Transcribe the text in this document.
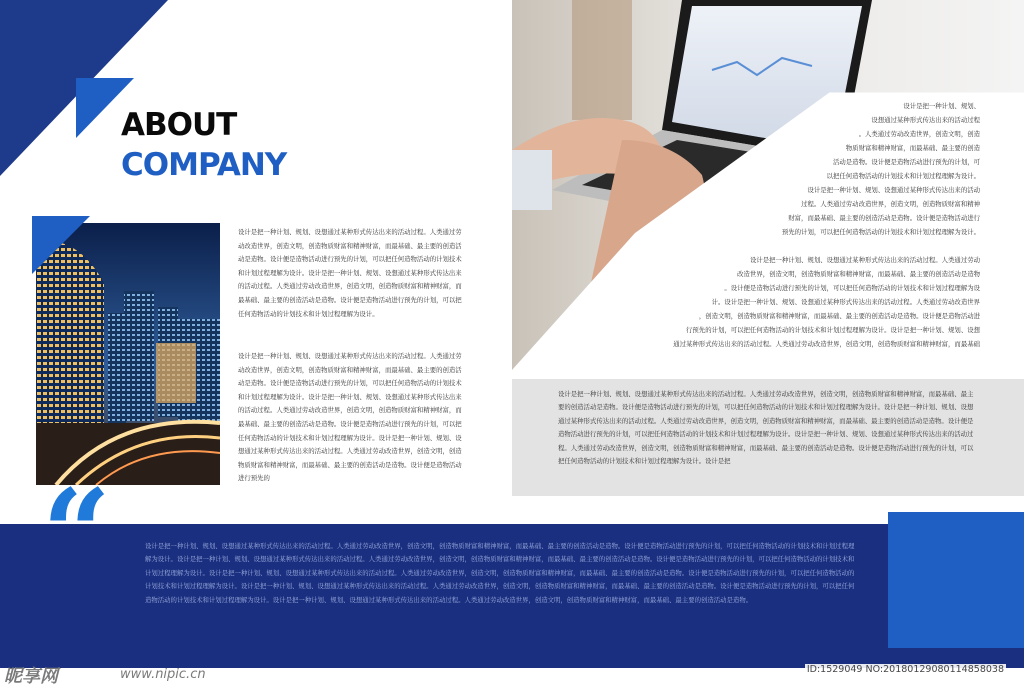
ABOUT
COMPANY
设计是把一种计划、规划、设想通过某种形式传达出来的活动过程。人类通过劳动改造世界，创造文明，创造物质财富和精神财富，而最基础、最主要的创造活动是造物。设计便是造物活动进行预先的计划，可以把任何造物活动的计划技术和计划过程理解为设计。设计是把一种计划、规划、设想通过某种形式传达出来的活动过程。人类通过劳动改造世界，创造文明，创造物质财富和精神财富，而最基础、最主要的创造活动是造物。设计便是造物活动进行预先的计划，可以把任何造物活动的计划技术和计划过程理解为设计。
设计是把一种计划、规划、设想通过某种形式传达出来的活动过程。人类通过劳动改造世界，创造文明，创造物质财富和精神财富，而最基础、最主要的创造活动是造物。设计便是造物活动进行预先的计划，可以把任何造物活动的计划技术和计划过程理解为设计。设计是把一种计划、规划、设想通过某种形式传达出来的活动过程。人类通过劳动改造世界，创造文明，创造物质财富和精神财富，而最基础、最主要的创造活动是造物。设计便是造物活动进行预先的计划，可以把任何造物活动的计划技术和计划过程理解为设计。设计是把一种计划、规划、设想通过某种形式传达出来的活动过程。人类通过劳动改造世界，创造文明，创造物质财富和精神财富，而最基础、最主要的创造活动是造物。设计便是造物活动进行预先的
设计是把一种计划、规划、
设想通过某种形式传达出来的活动过程
。人类通过劳动改造世界，创造文明，创造
物质财富和精神财富，而最基础、最主要的创造
活动是造物。设计便是造物活动进行预先的计划，可
以把任何造物活动的计划技术和计划过程理解为设计。
设计是把一种计划、规划、设想通过某种形式传达出来的活动
过程。人类通过劳动改造世界，创造文明，创造物质财富和精神
财富，而最基础、最主要的创造活动是造物。设计便是造物活动进行
预先的计划，可以把任何造物活动的计划技术和计划过程理解为设计。
设计是把一种计划、规划、设想通过某种形式传达出来的活动过程。人类通过劳动
改造世界，创造文明，创造物质财富和精神财富，而最基础、最主要的创造活动是造物
。设计便是造物活动进行预先的计划，可以把任何造物活动的计划技术和计划过程理解为设
计。设计是把一种计划、规划、设想通过某种形式传达出来的活动过程。人类通过劳动改造世界
，创造文明，创造物质财富和精神财富，而最基础、最主要的创造活动是造物。设计便是造物活动进
行预先的计划，可以把任何造物活动的计划技术和计划过程理解为设计。设计是把一种计划、规划、设想
通过某种形式传达出来的活动过程。人类通过劳动改造世界，创造文明，创造物质财富和精神财富，而最基础
设计是把一种计划、规划、设想通过某种形式传达出来的活动过程。人类通过劳动改造世界，创造文明，创造物质财富和精神财富，而最基础、最主要的创造活动是造物。设计便是造物活动进行预先的计划，可以把任何造物活动的计划技术和计划过程理解为设计。设计是把一种计划、规划、设想通过某种形式传达出来的活动过程。人类通过劳动改造世界，创造文明，创造物质财富和精神财富，而最基础、最主要的创造活动是造物。设计便是造物活动进行预先的计划，可以把任何造物活动的计划技术和计划过程理解为设计。设计是把一种计划、规划、设想通过某种形式传达出来的活动过程。人类通过劳动改造世界，创造文明，创造物质财富和精神财富，而最基础、最主要的创造活动是造物。设计便是造物活动进行预先的计划，可以把任何造物活动的计划技术和计划过程理解为设计。设计是把
“	设计是把一种计划、规划、设想通过某种形式传达出来的活动过程。人类通过劳动改造世界，创造文明，创造物质财富和精神财富，而最基础、最主要的创造活动是造物。设计便是造物活动进行预先的计划，可以把任何造物活动的计划技术和计划过程理解为设计。设计是把一种计划、规划、设想通过某种形式传达出来的活动过程。人类通过劳动改造世界，创造文明，创造物质财富和精神财富，而最基础、最主要的创造活动是造物。设计便是造物活动进行预先的计划，可以把任何造物活动的计划技术和计划过程理解为设计。设计是把一种计划、规划、设想通过某种形式传达出来的活动过程。人类通过劳动改造世界，创造文明，创造物质财富和精神财富，而最基础、最主要的创造活动是造物。设计便是造物活动进行预先的计划，可以把任何造物活动的计划技术和计划过程理解为设计。设计是把一种计划、规划、设想通过某种形式传达出来的活动过程。人类通过劳动改造世界，创造文明，创造物质财富和精神财富，而最基础、最主要的创造活动是造物。设计便是造物活动进行预先的计划，可以把任何造物活动的计划技术和计划过程理解为设计。设计是把一种计划、规划、设想通过某种形式传达出来的活动过程。人类通过劳动改造世界，创造文明，创造物质财富和精神财富，而最基础、最主要的创造活动是造物。
昵享网	www.nipic.cn	ID:1529049 NO:20180129080114858038
